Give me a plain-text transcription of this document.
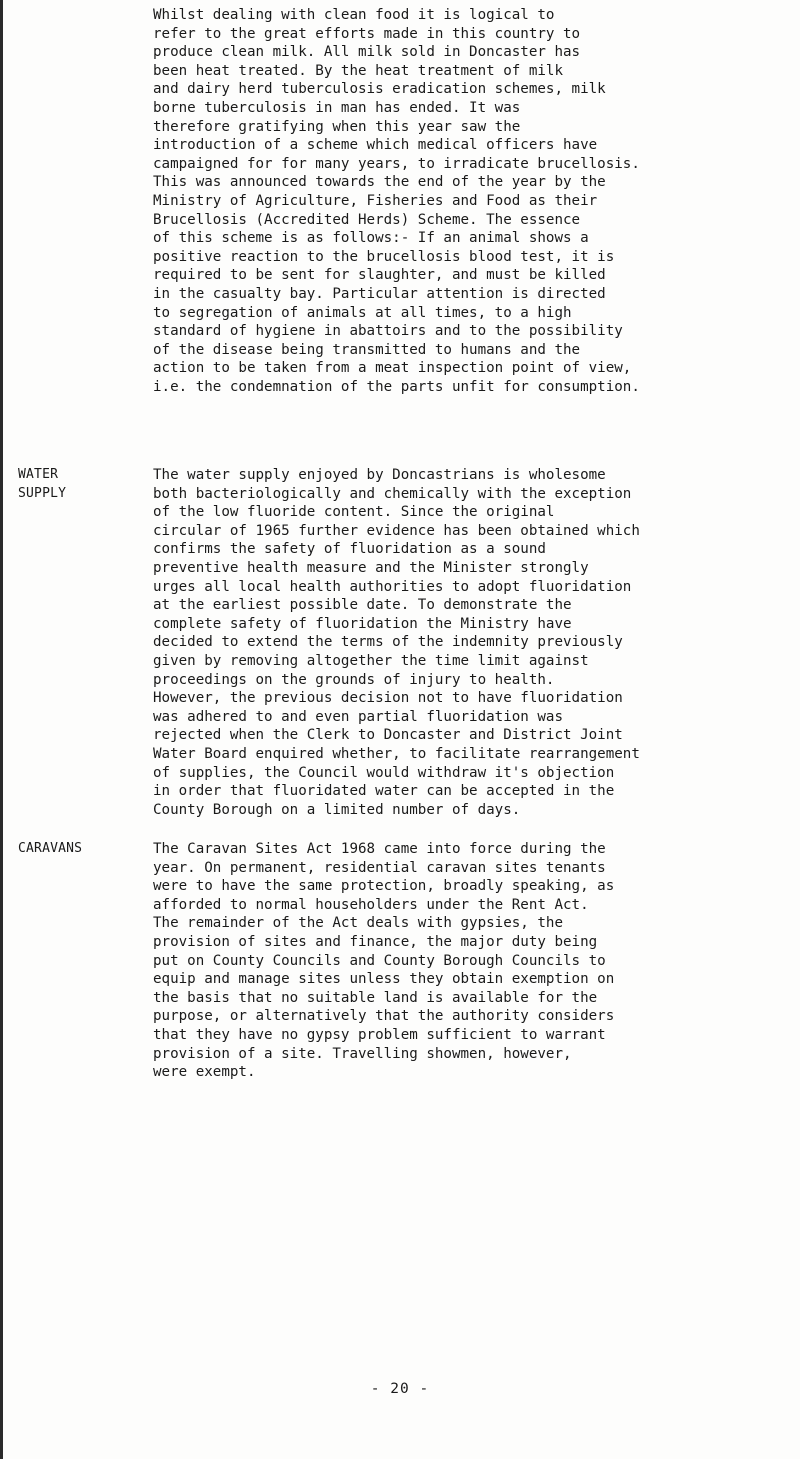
Whilst dealing with clean food it is logical to
refer to the great efforts made in this country to
produce clean milk. All milk sold in Doncaster has
been heat treated. By the heat treatment of milk
and dairy herd tuberculosis eradication schemes, milk
borne tuberculosis in man has ended. It was
therefore gratifying when this year saw the
introduction of a scheme which medical officers have
campaigned for for many years, to irradicate brucellosis.
This was announced towards the end of the year by the
Ministry of Agriculture, Fisheries and Food as their
Brucellosis (Accredited Herds) Scheme. The essence
of this scheme is as follows:- If an animal shows a
positive reaction to the brucellosis blood test, it is
required to be sent for slaughter, and must be killed
in the casualty bay. Particular attention is directed
to segregation of animals at all times, to a high
standard of hygiene in abattoirs and to the possibility
of the disease being transmitted to humans and the
action to be taken from a meat inspection point of view,
i.e. the condemnation of the parts unfit for consumption.
WATER
SUPPLY
The water supply enjoyed by Doncastrians is wholesome
both bacteriologically and chemically with the exception
of the low fluoride content. Since the original
circular of 1965 further evidence has been obtained which
confirms the safety of fluoridation as a sound
preventive health measure and the Minister strongly
urges all local health authorities to adopt fluoridation
at the earliest possible date. To demonstrate the
complete safety of fluoridation the Ministry have
decided to extend the terms of the indemnity previously
given by removing altogether the time limit against
proceedings on the grounds of injury to health.
However, the previous decision not to have fluoridation
was adhered to and even partial fluoridation was
rejected when the Clerk to Doncaster and District Joint
Water Board enquired whether, to facilitate rearrangement
of supplies, the Council would withdraw it's objection
in order that fluoridated water can be accepted in the
County Borough on a limited number of days.
CARAVANS	The Caravan Sites Act 1968 came into force during the
year. On permanent, residential caravan sites tenants
were to have the same protection, broadly speaking, as
afforded to normal householders under the Rent Act.
The remainder of the Act deals with gypsies, the
provision of sites and finance, the major duty being
put on County Councils and County Borough Councils to
equip and manage sites unless they obtain exemption on
the basis that no suitable land is available for the
purpose, or alternatively that the authority considers
that they have no gypsy problem sufficient to warrant
provision of a site. Travelling showmen, however,
were exempt.
- 20 -
